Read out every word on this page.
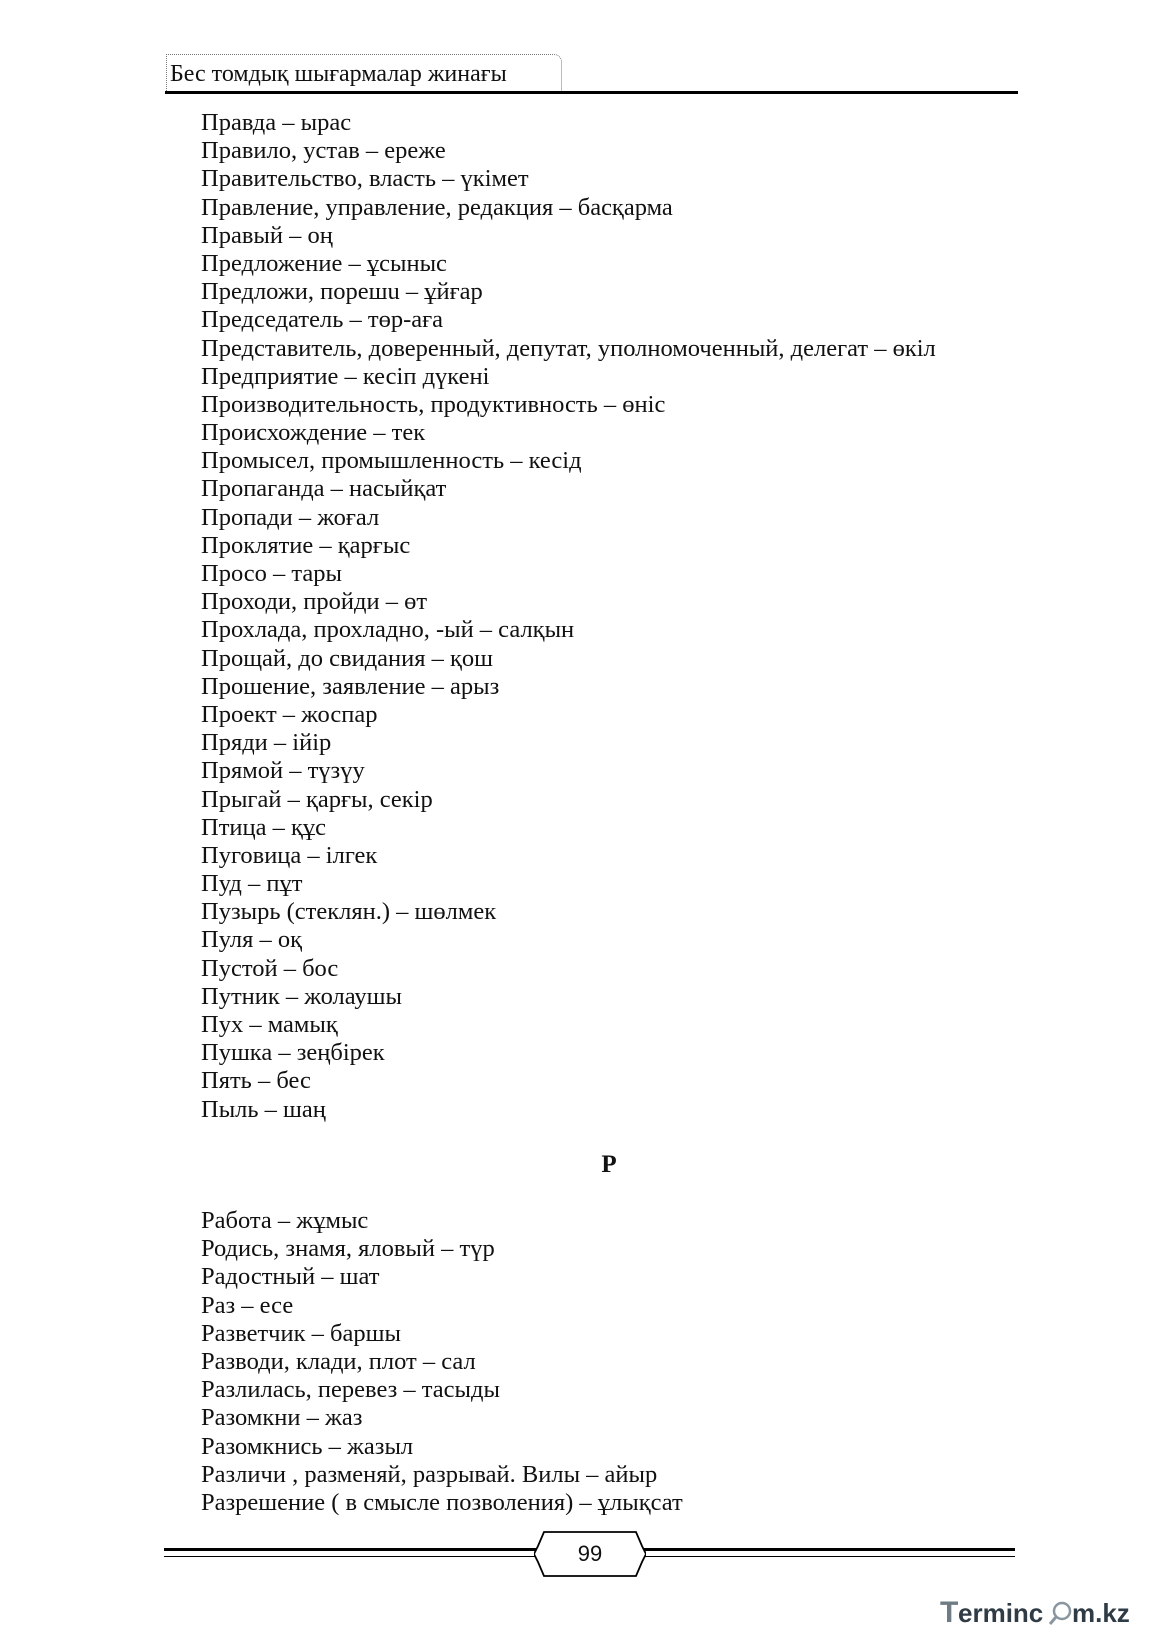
Бес томдық шығармалар жинағы
Правда – ырас
Правило, устав – ереже
Правительство, власть – үкімет
Правление, управление, редакция – басқарма
Правый – оң
Предложение – ұсыныс
Предложи, порешu – ұйғар
Председатель – төр-аға
Представитель, доверенный, депутат, уполномоченный, делегат – өкіл
Предприятие – кесіп дүкені
Производительность, продуктивность – өніс
Происхождение – тек
Промысел, промышленность – кесід
Пропаганда – насыйқат
Пропади – жоғал
Проклятие – қарғыс
Просо – тары
Проходи, пройди – өт
Прохлада, прохладно, -ый – салқын
Прощай, до свидания – қош
Прошение, заявление – арыз
Проект – жоспар
Пряди – ійір
Прямой – түзүу
Прыгай – қарғы, секір
Птица – құс
Пуговица – ілгек
Пуд – пұт
Пузырь (стеклян.) – шөлмек
Пуля – оқ
Пустой – бос
Путник – жолаушы
Пух – мамық
Пушка – зеңбірек
Пять – бес
Пыль – шаң
Р
Работа – жұмыс
Родись, знамя, яловый – түр
Радостный – шат
Раз – есе
Разветчик – баршы
Разводи, клади, плот – сал
Разлилась, перевез – тасыды
Разомкни – жаз
Разомкнись – жазыл
Различи , разменяй, разрывай. Вилы – айыр
Разрешение ( в смысле позволения) – ұлықсат
99
T erminc m.kz
